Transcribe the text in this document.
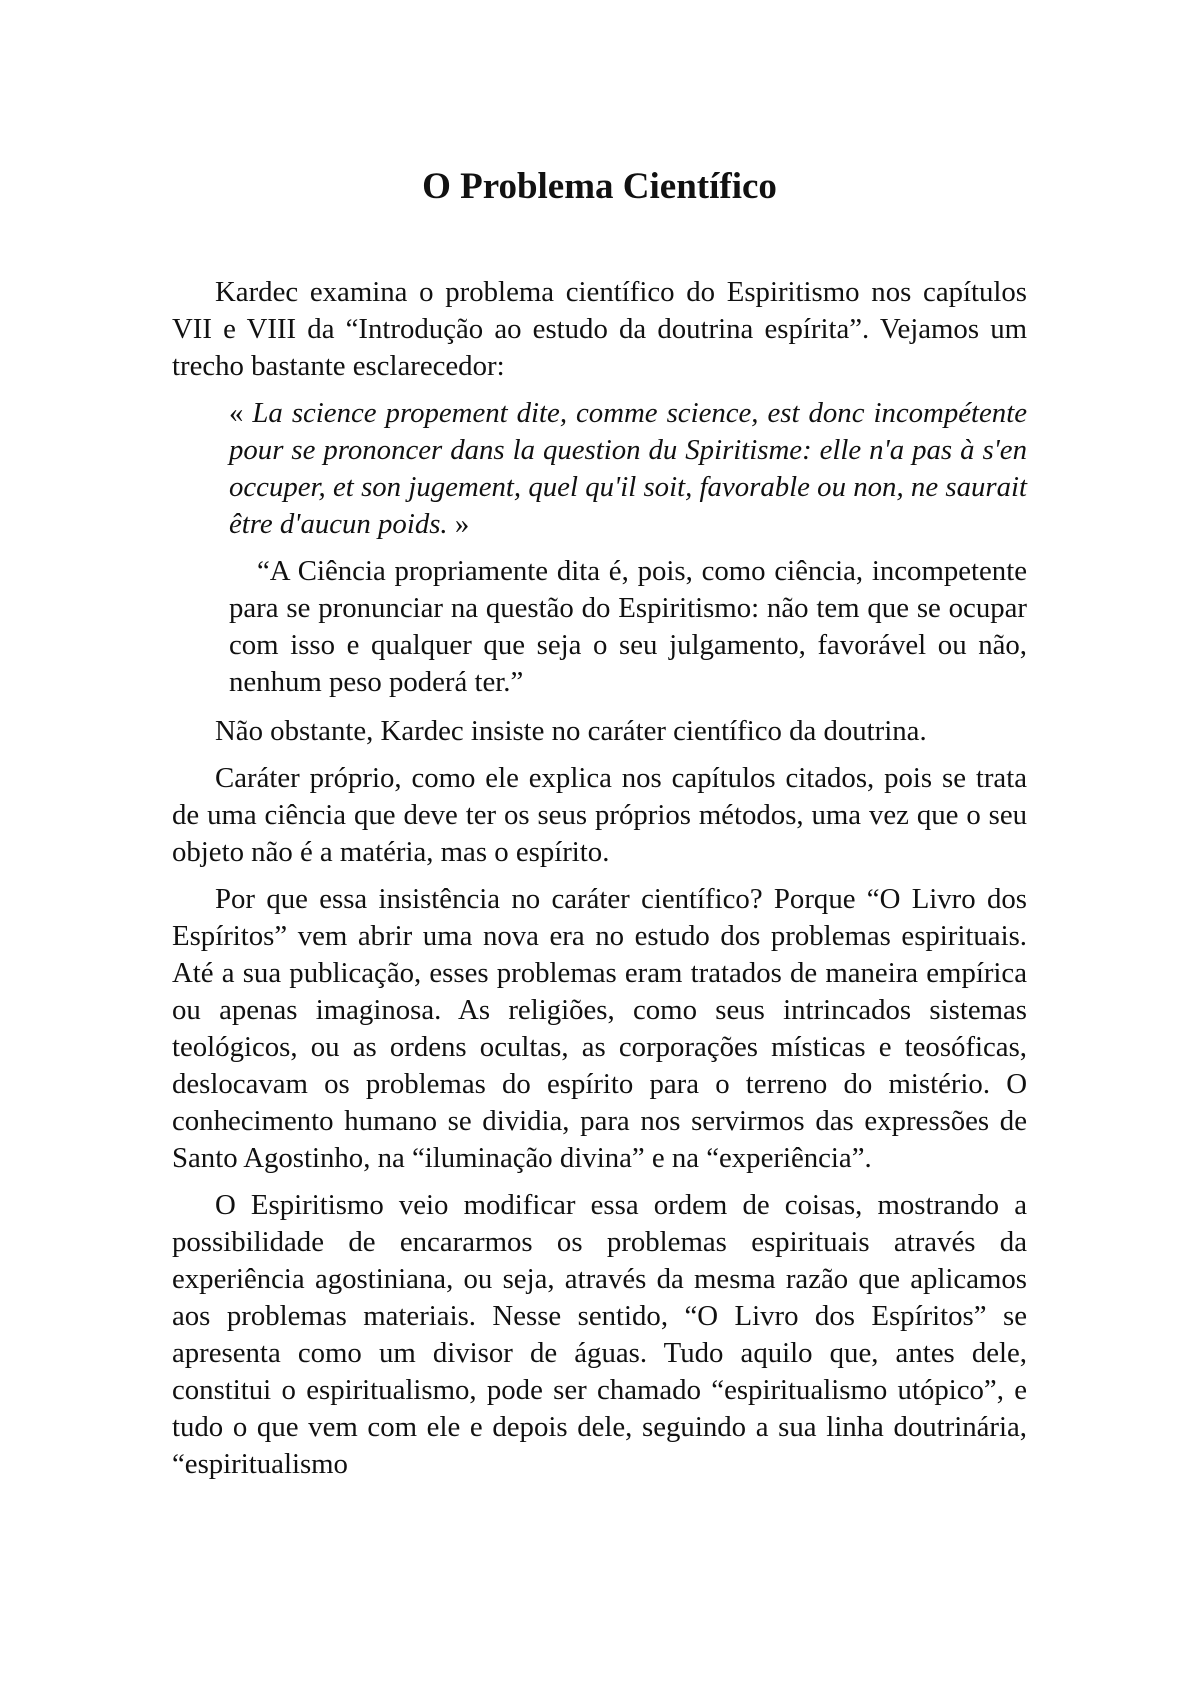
O Problema Científico

Kardec examina o problema científico do Espiritismo nos capítulos VII e VIII da “Introdução ao estudo da doutrina espírita”. Vejamos um trecho bastante esclarecedor:

« La science propement dite, comme science, est donc incompétente pour se prononcer dans la question du Spiritisme: elle n'a pas à s'en occuper, et son jugement, quel qu'il soit, favorable ou non, ne saurait être d'aucun poids. »

“A Ciência propriamente dita é, pois, como ciência, incompetente para se pronunciar na questão do Espiritismo: não tem que se ocupar com isso e qualquer que seja o seu julgamento, favorável ou não, nenhum peso poderá ter.”

Não obstante, Kardec insiste no caráter científico da doutrina.

Caráter próprio, como ele explica nos capítulos citados, pois se trata de uma ciência que deve ter os seus próprios métodos, uma vez que o seu objeto não é a matéria, mas o espírito.

Por que essa insistência no caráter científico? Porque “O Livro dos Espíritos” vem abrir uma nova era no estudo dos problemas espirituais. Até a sua publicação, esses problemas eram tratados de maneira empírica ou apenas imaginosa. As religiões, como seus intrincados sistemas teológicos, ou as ordens ocultas, as corporações místicas e teosóficas, deslocavam os problemas do espírito para o terreno do mistério. O conhecimento humano se dividia, para nos servirmos das expressões de Santo Agostinho, na “iluminação divina” e na “experiência”.

O Espiritismo veio modificar essa ordem de coisas, mostrando a possibilidade de encararmos os problemas espirituais através da experiência agostiniana, ou seja, através da mesma razão que aplicamos aos problemas materiais. Nesse sentido, “O Livro dos Espíritos” se apresenta como um divisor de águas. Tudo aquilo que, antes dele, constitui o espiritualismo, pode ser chamado “espiritualismo utópico”, e tudo o que vem com ele e depois dele, seguindo a sua linha doutrinária, “espiritualismo
